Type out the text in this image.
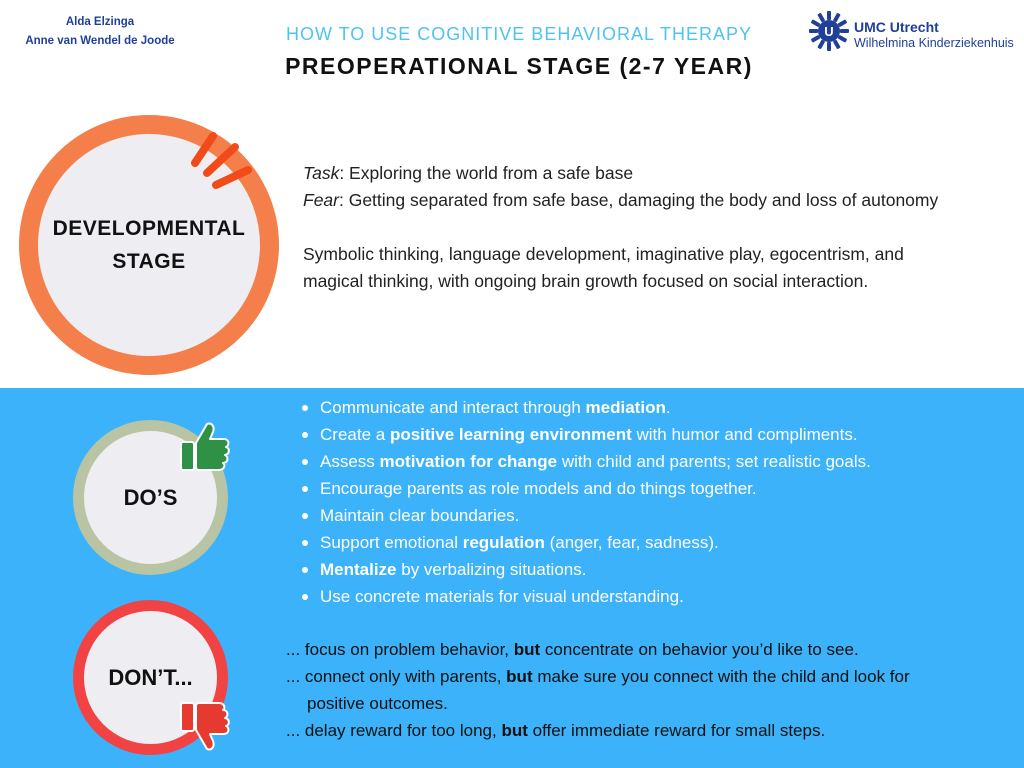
Alda Elzinga
Anne van Wendel de Joode	HOW TO USE COGNITIVE BEHAVIORAL THERAPY
PREOPERATIONAL STAGE (2-7 YEAR)
U UMC Utrecht
Wilhelmina Kinderziekenhuis
DEVELOPMENTAL
STAGE
Task: Exploring the world from a safe base
Fear: Getting separated from safe base, damaging the body and loss of autonomy
Symbolic thinking, language development, imaginative play, egocentrism, and
magical thinking, with ongoing brain growth focused on social interaction.
DO’S
Communicate and interact through mediation.
Create a positive learning environment with humor and compliments.
Assess motivation for change with child and parents; set realistic goals.
Encourage parents as role models and do things together.
Maintain clear boundaries.
Support emotional regulation (anger, fear, sadness).
Mentalize by verbalizing situations.
Use concrete materials for visual understanding.
DON’T...
... focus on problem behavior, but concentrate on behavior you’d like to see.
... connect only with parents, but make sure you connect with the child and look for
positive outcomes.
... delay reward for too long, but offer immediate reward for small steps.
